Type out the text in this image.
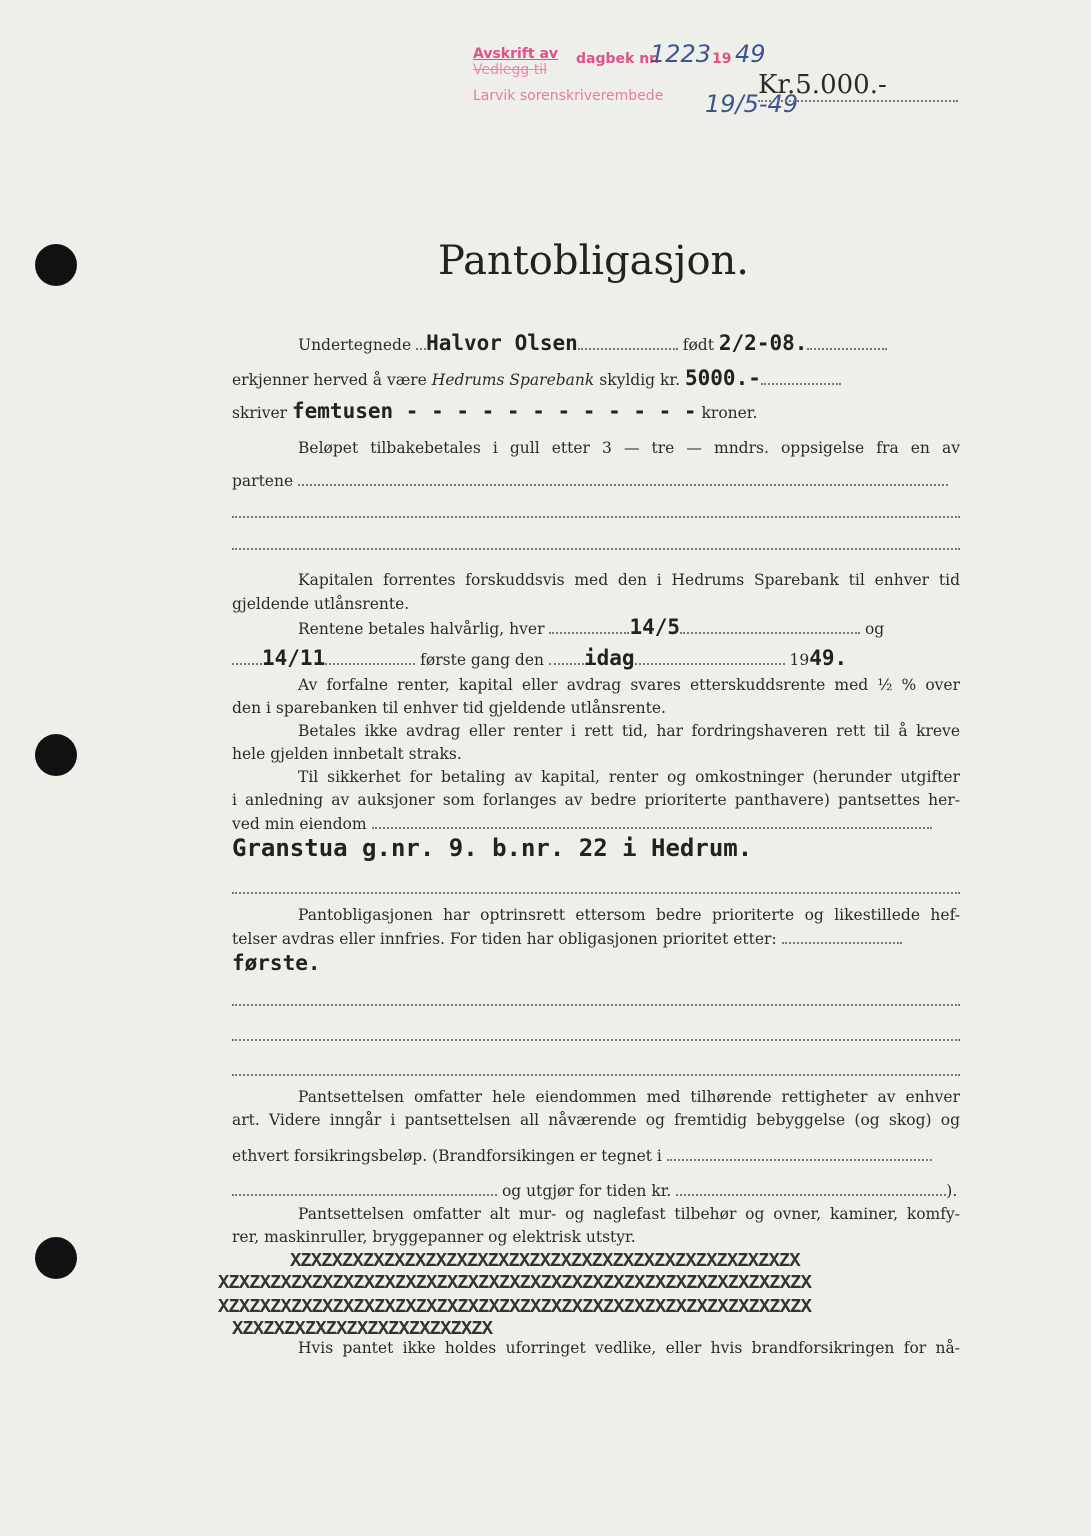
Avskrift av
Vedlegg til
dagbek nr.
1223 19 49
Larvik sorenskriverembede 19/5-49
Kr.5.000.-
Pantobligasjon.
Undertegnede Halvor Olsen	født 2/2-08.
erkjenner herved å være Hedrums Sparebank skyldig kr. 5000.-
skriver femtusen - - - - - - - - - - - - kroner.
Beløpet tilbakebetales i gull etter 3 — tre — mndrs. oppsigelse fra en av
partene
Kapitalen forrentes forskuddsvis med den i Hedrums Sparebank til enhver tid
gjeldende utlånsrente.
Rentene betales halvårlig, hver	14/5	og
14/11	første gang den idag	1949.
Av forfalne renter, kapital eller avdrag svares etterskuddsrente med ½ % over
den i sparebanken til enhver tid gjeldende utlånsrente.
Betales ikke avdrag eller renter i rett tid, har fordringshaveren rett til å kreve
hele gjelden innbetalt straks.
Til sikkerhet for betaling av kapital, renter og omkostninger (herunder utgifter
i anledning av auksjoner som forlanges av bedre prioriterte panthavere) pantsettes her-
ved min eiendom
Granstua g.nr. 9. b.nr. 22 i Hedrum.
Pantobligasjonen har optrinsrett ettersom bedre prioriterte og likestillede hef-
telser avdras eller innfries. For tiden har obligasjonen prioritet etter:
første.
Pantsettelsen omfatter hele eiendommen med tilhørende rettigheter av enhver
art. Videre inngår i pantsettelsen all nåværende og fremtidig bebyggelse (og skog) og
ethvert forsikringsbeløp. (Brandforsikingen er tegnet i
og utgjør for tiden kr.	).
Pantsettelsen omfatter alt mur- og naglefast tilbehør og ovner, kaminer, komfy-
rer, maskinruller, bryggepanner og elektrisk utstyr.
XZXZXZXZXZXZXZXZXZXZXZXZXZXZXZXZXZXZXZXZXZXZXZXZX
XZXZXZXZXZXZXZXZXZXZXZXZXZXZXZXZXZXZXZXZXZXZXZXZXZXZXZXZX
XZXZXZXZXZXZXZXZXZXZXZXZXZXZXZXZXZXZXZXZXZXZXZXZXZXZXZXZX
XZXZXZXZXZXZXZXZXZXZXZXZX
Hvis pantet ikke holdes uforringet vedlike, eller hvis brandforsikringen for nå-
